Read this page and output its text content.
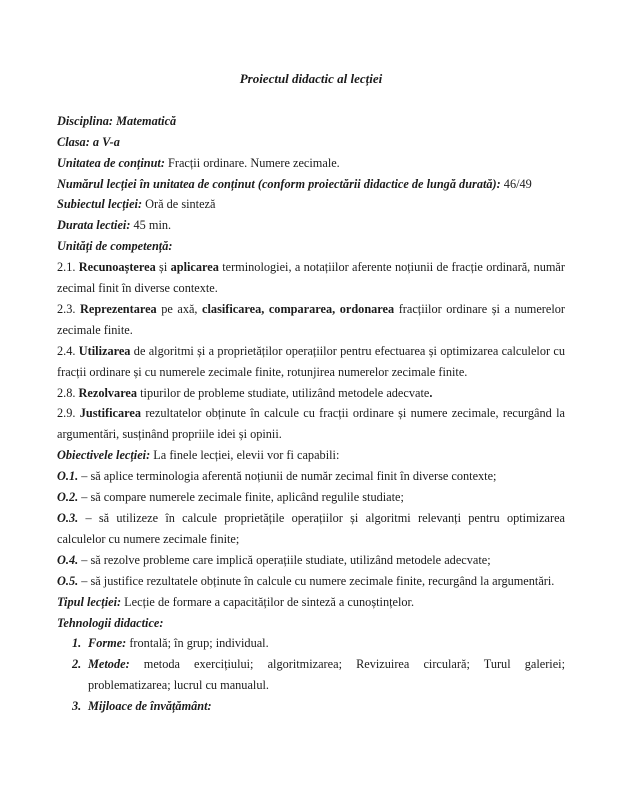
Proiectul didactic al lecției
Disciplina: Matematică
Clasa: a V-a
Unitatea de conținut: Fracții ordinare. Numere zecimale.
Numărul lecției în unitatea de conținut (conform proiectării didactice de lungă durată): 46/49
Subiectul lecției: Oră de sinteză
Durata lectiei: 45 min.
Unități de competență:
2.1. Recunoașterea și aplicarea terminologiei, a notațiilor aferente noțiunii de fracție ordinară, număr zecimal finit în diverse contexte.
2.3. Reprezentarea pe axă, clasificarea, compararea, ordonarea fracțiilor ordinare și a numerelor zecimale finite.
2.4. Utilizarea de algoritmi și a proprietăților operațiilor pentru efectuarea și optimizarea calculelor cu fracții ordinare și cu numerele zecimale finite, rotunjirea numerelor zecimale finite.
2.8. Rezolvarea tipurilor de probleme studiate, utilizând metodele adecvate.
2.9. Justificarea rezultatelor obținute în calcule cu fracții ordinare și numere zecimale, recurgând la argumentări, susținând propriile idei și opinii.
Obiectivele lecției: La finele lecției, elevii vor fi capabili:
O.1. – să aplice terminologia aferentă noțiunii de număr zecimal finit în diverse contexte;
O.2. – să compare numerele zecimale finite, aplicând regulile studiate;
O.3. – să utilizeze în calcule proprietățile operațiilor și algoritmi relevanți pentru optimizarea calculelor cu numere zecimale finite;
O.4. – să rezolve probleme care implică operațiile studiate, utilizând metodele adecvate;
O.5. – să justifice rezultatele obținute în calcule cu numere zecimale finite, recurgând la argumentări.
Tipul lecției: Lecție de formare a capacităților de sinteză a cunoștințelor.
Tehnologii didactice:
1. Forme: frontală; în grup; individual.
2. Metode: metoda exercițiului; algoritmizarea; Revizuirea circulară; Turul galeriei; problematizarea; lucrul cu manualul.
3. Mijloace de învățământ:
